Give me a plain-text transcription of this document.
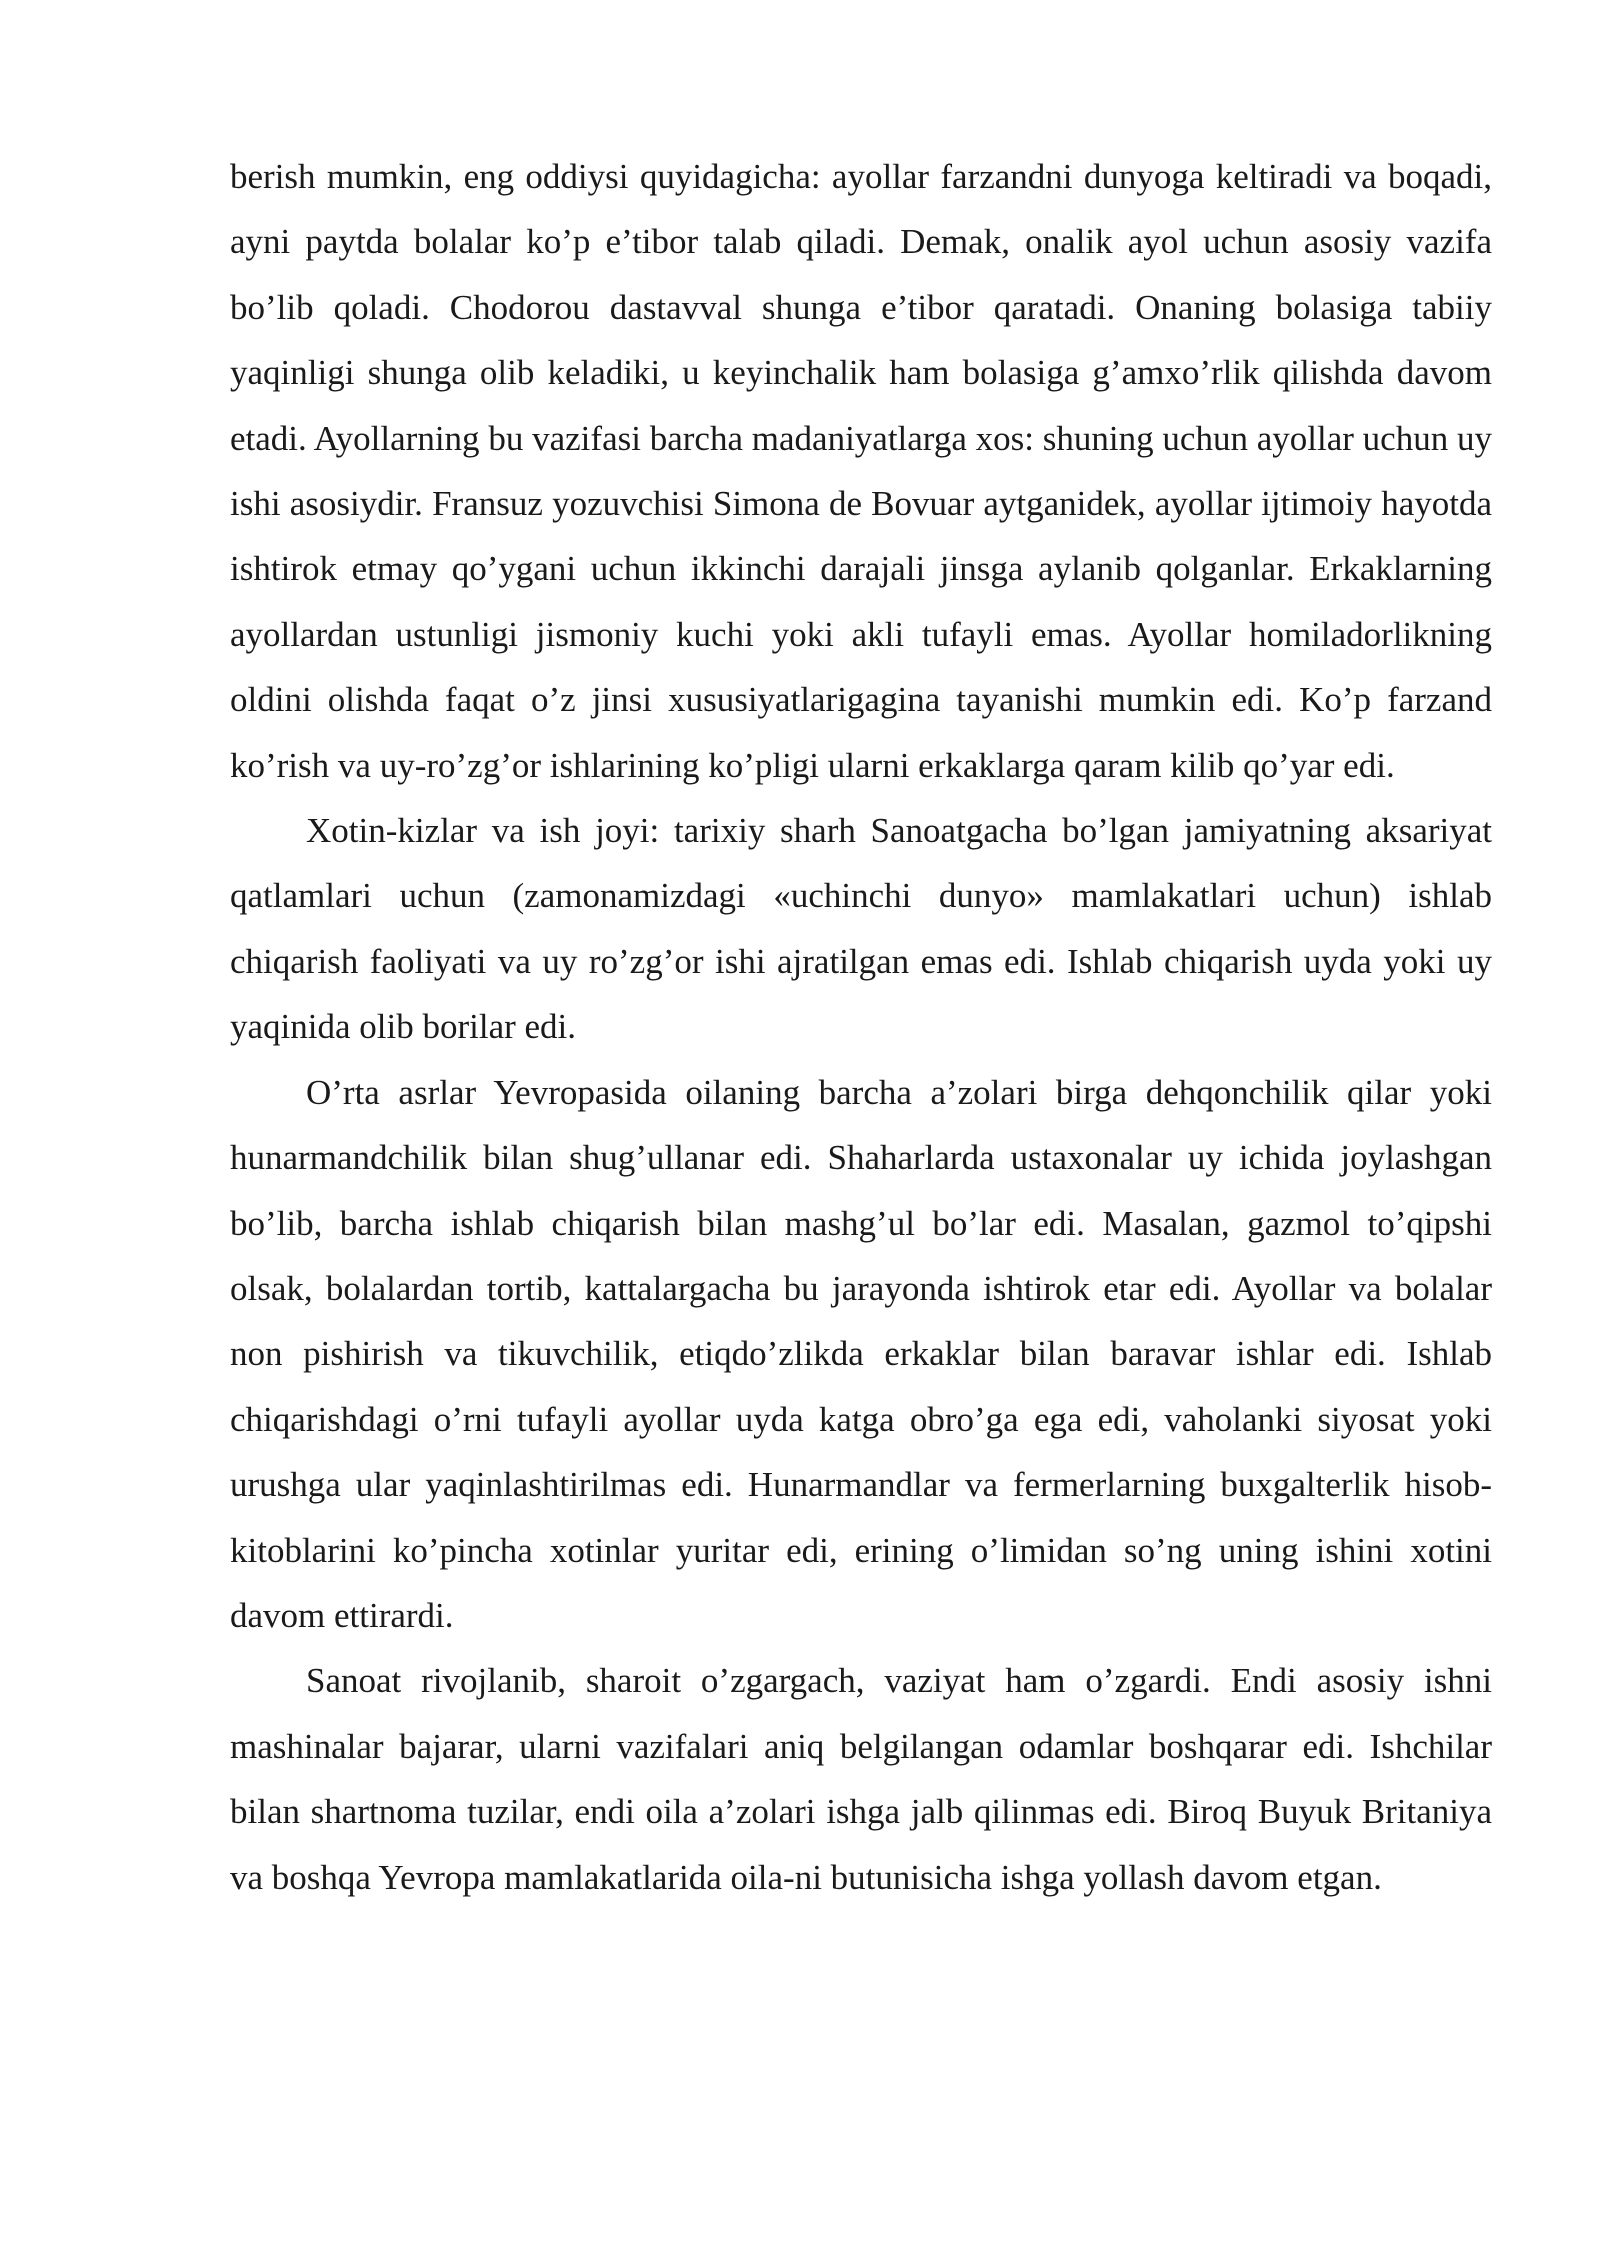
berish mumkin, eng oddiysi quyidagicha: ayollar farzandni dunyoga keltiradi va boqadi, ayni paytda bolalar ko’p e’tibor talab qiladi. Demak, onalik ayol uchun asosiy vazifa bo’lib qoladi. Chodorou dastavval shunga e’tibor qaratadi. Onaning bolasiga tabiiy yaqinligi shunga olib keladiki, u keyinchalik ham bolasiga g’amxo’rlik qilishda davom etadi. Ayollarning bu vazifasi barcha madaniyatlarga xos: shuning uchun ayollar uchun uy ishi asosiydir. Fransuz yozuvchisi Simona de Bovuar aytganidek, ayollar ijtimoiy hayotda ishtirok etmay qo’ygani uchun ikkinchi darajali jinsga aylanib qolganlar. Erkaklarning ayollardan ustunligi jismoniy kuchi yoki akli tufayli emas. Ayollar homiladorlikning oldini olishda faqat o’z jinsi xususiyatlarigagina tayanishi mumkin edi. Ko’p farzand ko’rish va uy-ro’zg’or ishlarining ko’pligi ularni erkaklarga qaram kilib qo’yar edi.

Xotin-kizlar va ish joyi: tarixiy sharh Sanoatgacha bo’lgan jamiyatning aksariyat qatlamlari uchun (zamonamizdagi «uchinchi dunyo» mamlakatlari uchun) ishlab chiqarish faoliyati va uy ro’zg’or ishi ajratilgan emas edi. Ishlab chiqarish uyda yoki uy yaqinida olib borilar edi.

O’rta asrlar Yevropasida oilaning barcha a’zolari birga dehqonchilik qilar yoki hunarmandchilik bilan shug’ullanar edi. Shaharlarda ustaxonalar uy ichida joylashgan bo’lib, barcha ishlab chiqarish bilan mashg’ul bo’lar edi. Masalan, gazmol to’qipshi olsak, bolalardan tortib, kattalargacha bu jarayonda ishtirok etar edi. Ayollar va bolalar non pishirish va tikuvchilik, etiqdo’zlikda erkaklar bilan baravar ishlar edi. Ishlab chiqarishdagi o’rni tufayli ayollar uyda katga obro’ga ega edi, vaholanki siyosat yoki urushga ular yaqinlashtirilmas edi. Hunarmandlar va fermerlarning buxgalterlik hisob-kitoblarini ko’pincha xotinlar yuritar edi, erining o’limidan so’ng uning ishini xotini davom ettirardi.

Sanoat rivojlanib, sharoit o’zgargach, vaziyat ham o’zgardi. Endi asosiy ishni mashinalar bajarar, ularni vazifalari aniq belgilangan odamlar boshqarar edi. Ishchilar bilan shartnoma tuzilar, endi oila a’zolari ishga jalb qilinmas edi. Biroq Buyuk Britaniya va boshqa Yevropa mamlakatlarida oila-ni butunisicha ishga yollash davom etgan.
